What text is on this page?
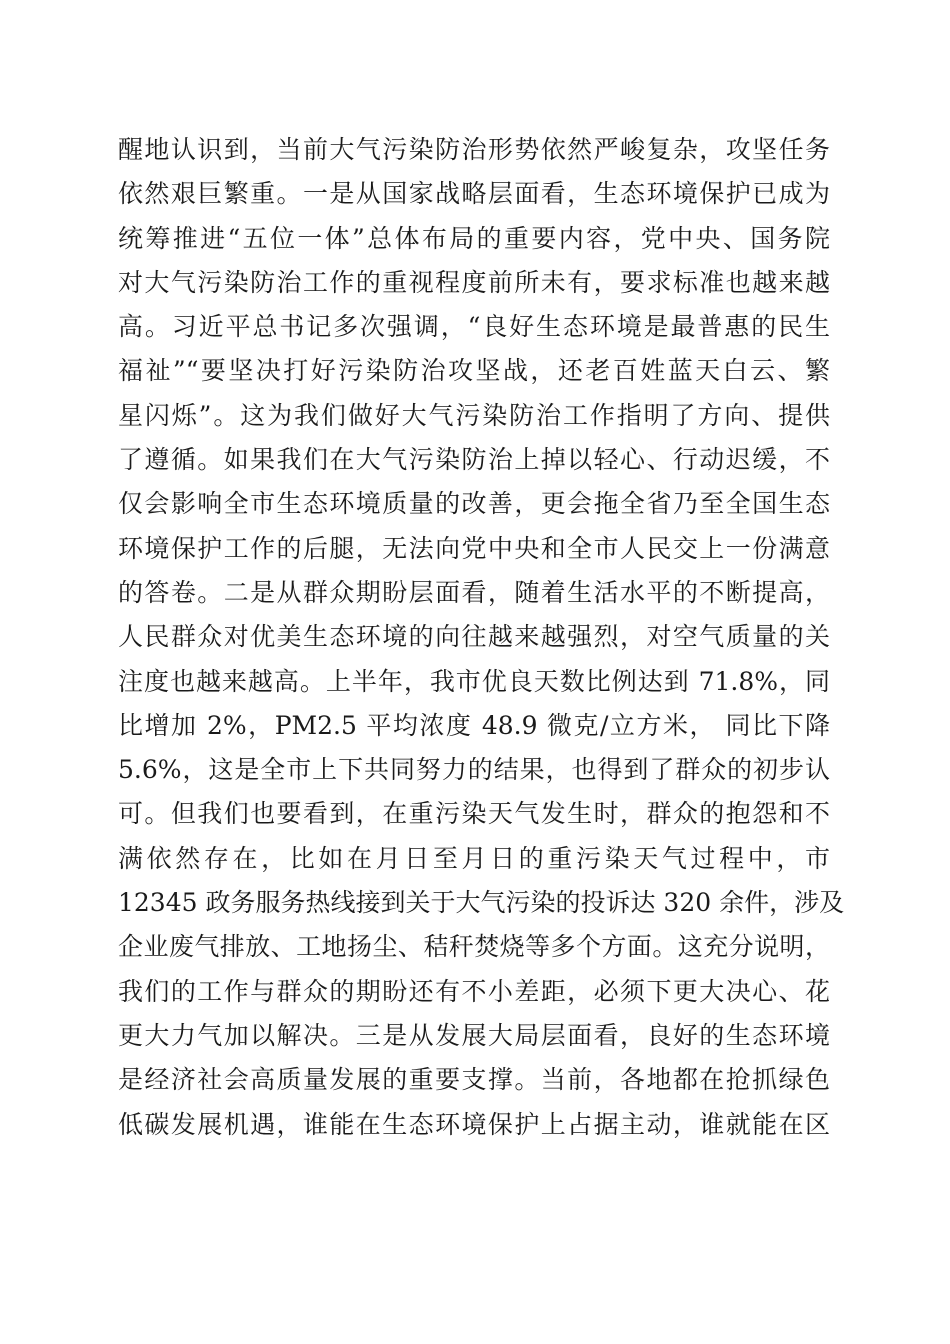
醒地认识到，当前大气污染防治形势依然严峻复杂，攻坚任务
依然艰巨繁重。一是从国家战略层面看，生态环境保护已成为
统筹推进“五位一体”总体布局的重要内容，党中央、国务院
对大气污染防治工作的重视程度前所未有，要求标准也越来越
高。习近平总书记多次强调，“良好生态环境是最普惠的民生
福祉”“要坚决打好污染防治攻坚战，还老百姓蓝天白云、繁
星闪烁”。这为我们做好大气污染防治工作指明了方向、提供
了遵循。如果我们在大气污染防治上掉以轻心、行动迟缓，不
仅会影响全市生态环境质量的改善，更会拖全省乃至全国生态
环境保护工作的后腿，无法向党中央和全市人民交上一份满意
的答卷。二是从群众期盼层面看，随着生活水平的不断提高，
人民群众对优美生态环境的向往越来越强烈，对空气质量的关
注度也越来越高。上半年，我市优良天数比例达到 71.8%，同
比增加 2%，PM2.5 平均浓度 48.9 微克/立方米， 同比下降
5.6%，这是全市上下共同努力的结果，也得到了群众的初步认
可。但我们也要看到，在重污染天气发生时，群众的抱怨和不
满依然存在，比如在月日至月日的重污染天气过程中，市
12345 政务服务热线接到关于大气污染的投诉达 320 余件，涉及
企业废气排放、工地扬尘、秸秆焚烧等多个方面。这充分说明，
我们的工作与群众的期盼还有不小差距，必须下更大决心、花
更大力气加以解决。三是从发展大局层面看，良好的生态环境
是经济社会高质量发展的重要支撑。当前，各地都在抢抓绿色
低碳发展机遇，谁能在生态环境保护上占据主动，谁就能在区
